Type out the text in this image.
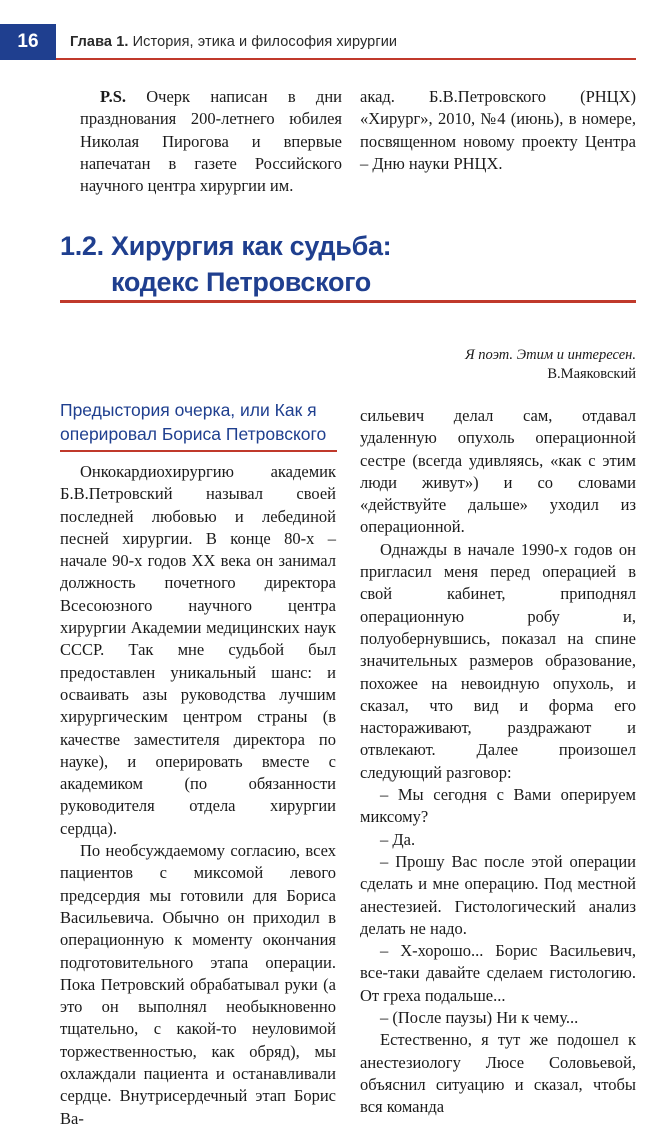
16	Глава 1. История, этика и философия хирургии

P.S. Очерк написан в дни празднования 200-летнего юбилея Николая Пирогова и впервые напечатан в газете Российского научного центра хирургии им.

акад. Б.В.Петровского (РНЦХ) «Хирург», 2010, №4 (июнь), в номере, посвященном новому проекту Центра – Дню науки РНЦХ.

1.2. Хирургия как судьба:
кодекс Петровского
Я поэт. Этим и интересен.
В.Маяковский
Предыстория очерка, или Как я оперировал Бориса Петровского

Онкокардиохирургию академик Б.В.Петровский называл своей последней любовью и лебединой песней хирургии. В конце 80-х – начале 90-х годов XX века он занимал должность почетного директора Всесоюзного научного центра хирургии Академии медицинских наук СССР. Так мне судьбой был предоставлен уникальный шанс: и осваивать азы руководства лучшим хирургическим центром страны (в качестве заместителя директора по науке), и оперировать вместе с академиком (по обязанности руководителя отдела хирургии сердца).

По необсуждаемому согласию, всех пациентов с миксомой левого предсердия мы готовили для Бориса Васильевича. Обычно он приходил в операционную к моменту окончания подготовительного этапа операции. Пока Петровский обрабатывал руки (а это он выполнял необыкновенно тщательно, с какой-то неуловимой торжественностью, как обряд), мы охлаждали пациента и останавливали сердце. Внутрисердечный этап Борис Ва-

сильевич делал сам, отдавал удаленную опухоль операционной сестре (всегда удивляясь, «как с этим люди живут») и со словами «действуйте дальше» уходил из операционной.

Однажды в начале 1990-х годов он пригласил меня перед операцией в свой кабинет, приподнял операционную робу и, полуобернувшись, показал на спине значительных размеров образование, похожее на невоидную опухоль, и сказал, что вид и форма его настораживают, раздражают и отвлекают. Далее произошел следующий разговор:

– Мы сегодня с Вами оперируем миксому?

– Да.

– Прошу Вас после этой операции сделать и мне операцию. Под местной анестезией. Гистологический анализ делать не надо.

– Х-хорошо... Борис Васильевич, все-таки давайте сделаем гистологию. От греха подальше...

– (После паузы) Ни к чему...

Естественно, я тут же подошел к анестезиологу Люсе Соловьевой, объяснил ситуацию и сказал, чтобы вся команда
